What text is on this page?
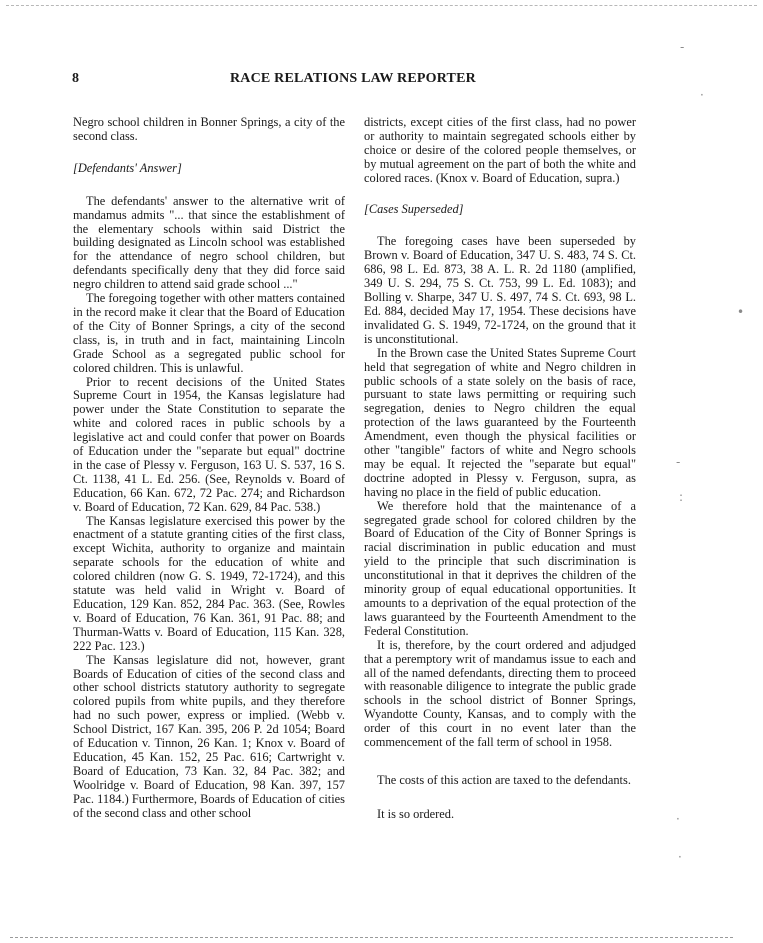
8	RACE RELATIONS LAW REPORTER

Negro school children in Bonner Springs, a city of the second class.

[Defendants' Answer]

The defendants' answer to the alternative writ of mandamus admits "... that since the establishment of the elementary schools within said District the building designated as Lincoln school was established for the attendance of negro school children, but defendants specifically deny that they did force said negro children to attend said grade school ..."

The foregoing together with other matters contained in the record make it clear that the Board of Education of the City of Bonner Springs, a city of the second class, is, in truth and in fact, maintaining Lincoln Grade School as a segregated public school for colored children. This is unlawful.

Prior to recent decisions of the United States Supreme Court in 1954, the Kansas legislature had power under the State Constitution to separate the white and colored races in public schools by a legislative act and could confer that power on Boards of Education under the "separate but equal" doctrine in the case of Plessy v. Ferguson, 163 U. S. 537, 16 S. Ct. 1138, 41 L. Ed. 256. (See, Reynolds v. Board of Education, 66 Kan. 672, 72 Pac. 274; and Richardson v. Board of Education, 72 Kan. 629, 84 Pac. 538.)

The Kansas legislature exercised this power by the enactment of a statute granting cities of the first class, except Wichita, authority to organize and maintain separate schools for the education of white and colored children (now G. S. 1949, 72-1724), and this statute was held valid in Wright v. Board of Education, 129 Kan. 852, 284 Pac. 363. (See, Rowles v. Board of Education, 76 Kan. 361, 91 Pac. 88; and Thurman-Watts v. Board of Education, 115 Kan. 328, 222 Pac. 123.)

The Kansas legislature did not, however, grant Boards of Education of cities of the second class and other school districts statutory authority to segregate colored pupils from white pupils, and they therefore had no such power, express or implied. (Webb v. School District, 167 Kan. 395, 206 P. 2d 1054; Board of Education v. Tinnon, 26 Kan. 1; Knox v. Board of Education, 45 Kan. 152, 25 Pac. 616; Cartwright v. Board of Education, 73 Kan. 32, 84 Pac. 382; and Woolridge v. Board of Education, 98 Kan. 397, 157 Pac. 1184.) Furthermore, Boards of Education of cities of the second class and other school

districts, except cities of the first class, had no power or authority to maintain segregated schools either by choice or desire of the colored people themselves, or by mutual agreement on the part of both the white and colored races. (Knox v. Board of Education, supra.)

[Cases Superseded]

The foregoing cases have been superseded by Brown v. Board of Education, 347 U. S. 483, 74 S. Ct. 686, 98 L. Ed. 873, 38 A. L. R. 2d 1180 (amplified, 349 U. S. 294, 75 S. Ct. 753, 99 L. Ed. 1083); and Bolling v. Sharpe, 347 U. S. 497, 74 S. Ct. 693, 98 L. Ed. 884, decided May 17, 1954. These decisions have invalidated G. S. 1949, 72-1724, on the ground that it is unconstitutional.

In the Brown case the United States Supreme Court held that segregation of white and Negro children in public schools of a state solely on the basis of race, pursuant to state laws permitting or requiring such segregation, denies to Negro children the equal protection of the laws guaranteed by the Fourteenth Amendment, even though the physical facilities or other "tangible" factors of white and Negro schools may be equal. It rejected the "separate but equal" doctrine adopted in Plessy v. Ferguson, supra, as having no place in the field of public education.

We therefore hold that the maintenance of a segregated grade school for colored children by the Board of Education of the City of Bonner Springs is racial discrimination in public education and must yield to the principle that such discrimination is unconstitutional in that it deprives the children of the minority group of equal educational opportunities. It amounts to a deprivation of the equal protection of the laws guaranteed by the Fourteenth Amendment to the Federal Constitution.

It is, therefore, by the court ordered and adjudged that a peremptory writ of mandamus issue to each and all of the named defendants, directing them to proceed with reasonable diligence to integrate the public grade schools in the school district of Bonner Springs, Wyandotte County, Kansas, and to comply with the order of this court in no event later than the commencement of the fall term of school in 1958.

The costs of this action are taxed to the defendants.

It is so ordered.

-
·
•
-
:
·
·
